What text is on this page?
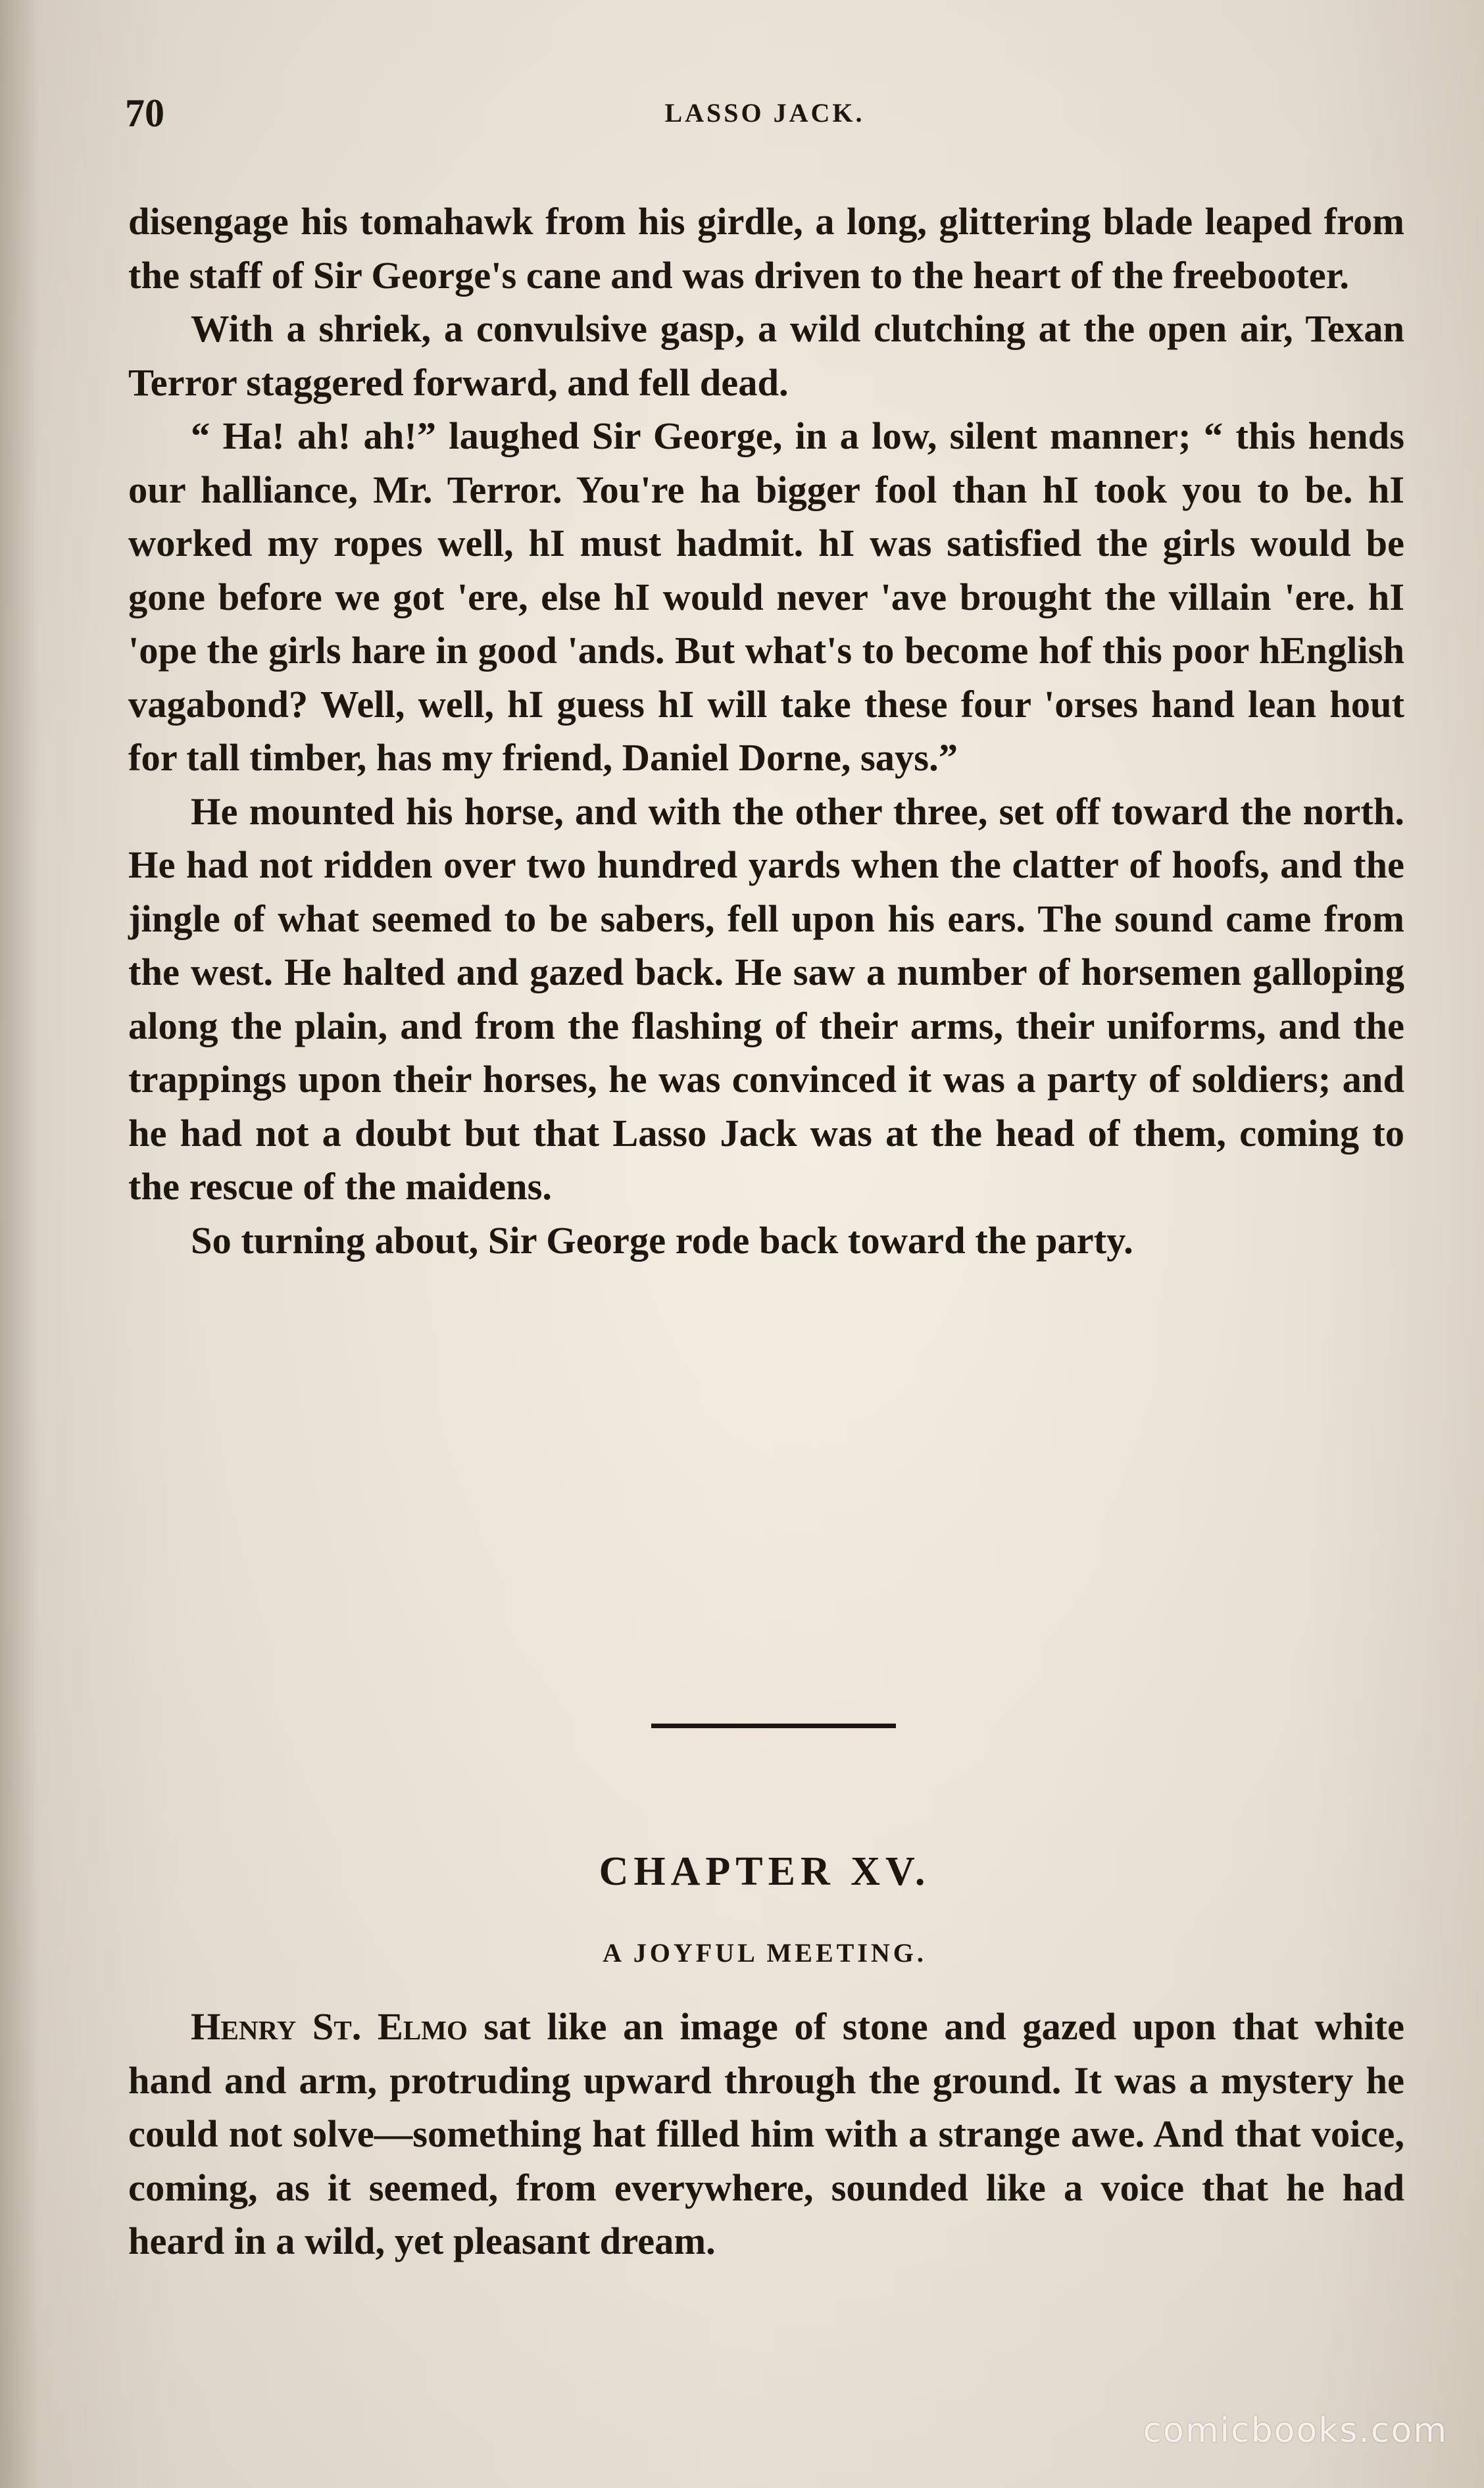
70	LASSO JACK.

disengage his tomahawk from his girdle, a long, glittering blade leaped from the staff of Sir George's cane and was driven to the heart of the freebooter.

With a shriek, a convulsive gasp, a wild clutching at the open air, Texan Terror staggered forward, and fell dead.

“ Ha! ah! ah!” laughed Sir George, in a low, silent manner; “ this hends our halliance, Mr. Terror. You're ha bigger fool than hI took you to be. hI worked my ropes well, hI must hadmit. hI was satisfied the girls would be gone before we got 'ere, else hI would never 'ave brought the villain 'ere. hI 'ope the girls hare in good 'ands. But what's to become hof this poor hEnglish vagabond? Well, well, hI guess hI will take these four 'orses hand lean hout for tall timber, has my friend, Daniel Dorne, says.”

He mounted his horse, and with the other three, set off toward the north. He had not ridden over two hundred yards when the clatter of hoofs, and the jingle of what seemed to be sabers, fell upon his ears. The sound came from the west. He halted and gazed back. He saw a number of horsemen galloping along the plain, and from the flashing of their arms, their uniforms, and the trappings upon their horses, he was convinced it was a party of soldiers; and he had not a doubt but that Lasso Jack was at the head of them, coming to the rescue of the maidens.

So turning about, Sir George rode back toward the party.

CHAPTER XV.
A JOYFUL MEETING.

Henry St. Elmo sat like an image of stone and gazed upon that white hand and arm, protruding upward through the ground. It was a mystery he could not solve—something hat filled him with a strange awe. And that voice, coming, as it seemed, from everywhere, sounded like a voice that he had heard in a wild, yet pleasant dream.

comicbooks.com
